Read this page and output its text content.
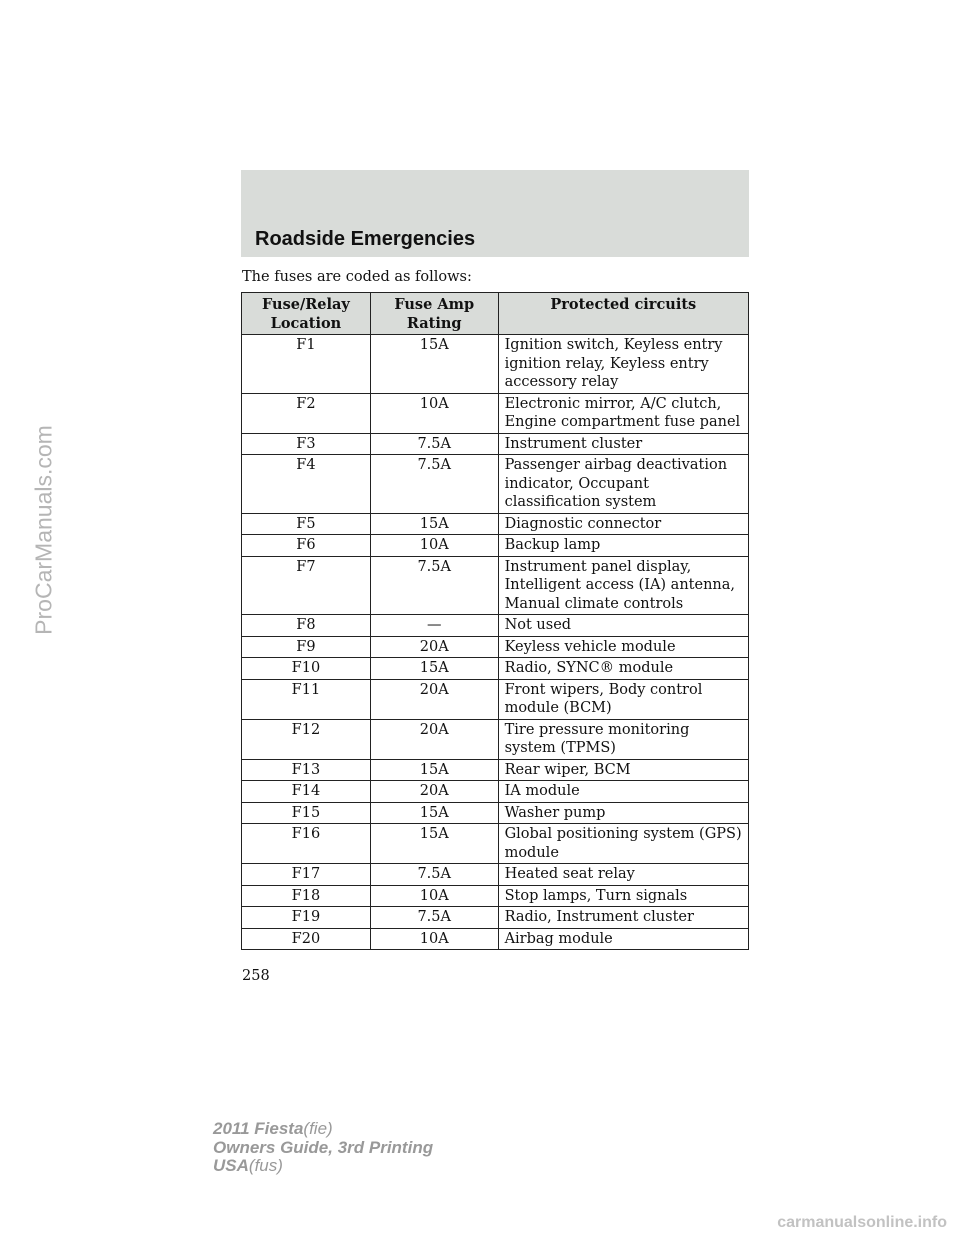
Roadside Emergencies
The fuses are coded as follows:
Fuse/Relay Location	Fuse Amp Rating	Protected circuits
F1	15A	Ignition switch, Keyless entry ignition relay, Keyless entry accessory relay
F2	10A	Electronic mirror, A/C clutch, Engine compartment fuse panel
F3	7.5A	Instrument cluster
F4	7.5A	Passenger airbag deactivation indicator, Occupant classification system
F5	15A	Diagnostic connector
F6	10A	Backup lamp
F7	7.5A	Instrument panel display, Intelligent access (IA) antenna, Manual climate controls
F8	—	Not used
F9	20A	Keyless vehicle module
F10	15A	Radio, SYNC® module
F11	20A	Front wipers, Body control module (BCM)
F12	20A	Tire pressure monitoring system (TPMS)
F13	15A	Rear wiper, BCM
F14	20A	IA module
F15	15A	Washer pump
F16	15A	Global positioning system (GPS) module
F17	7.5A	Heated seat relay
F18	10A	Stop lamps, Turn signals
F19	7.5A	Radio, Instrument cluster
F20	10A	Airbag module
258
2011 Fiesta(fie)
Owners Guide, 3rd Printing
USA(fus)
ProCarManuals.com
carmanualsonline.info
